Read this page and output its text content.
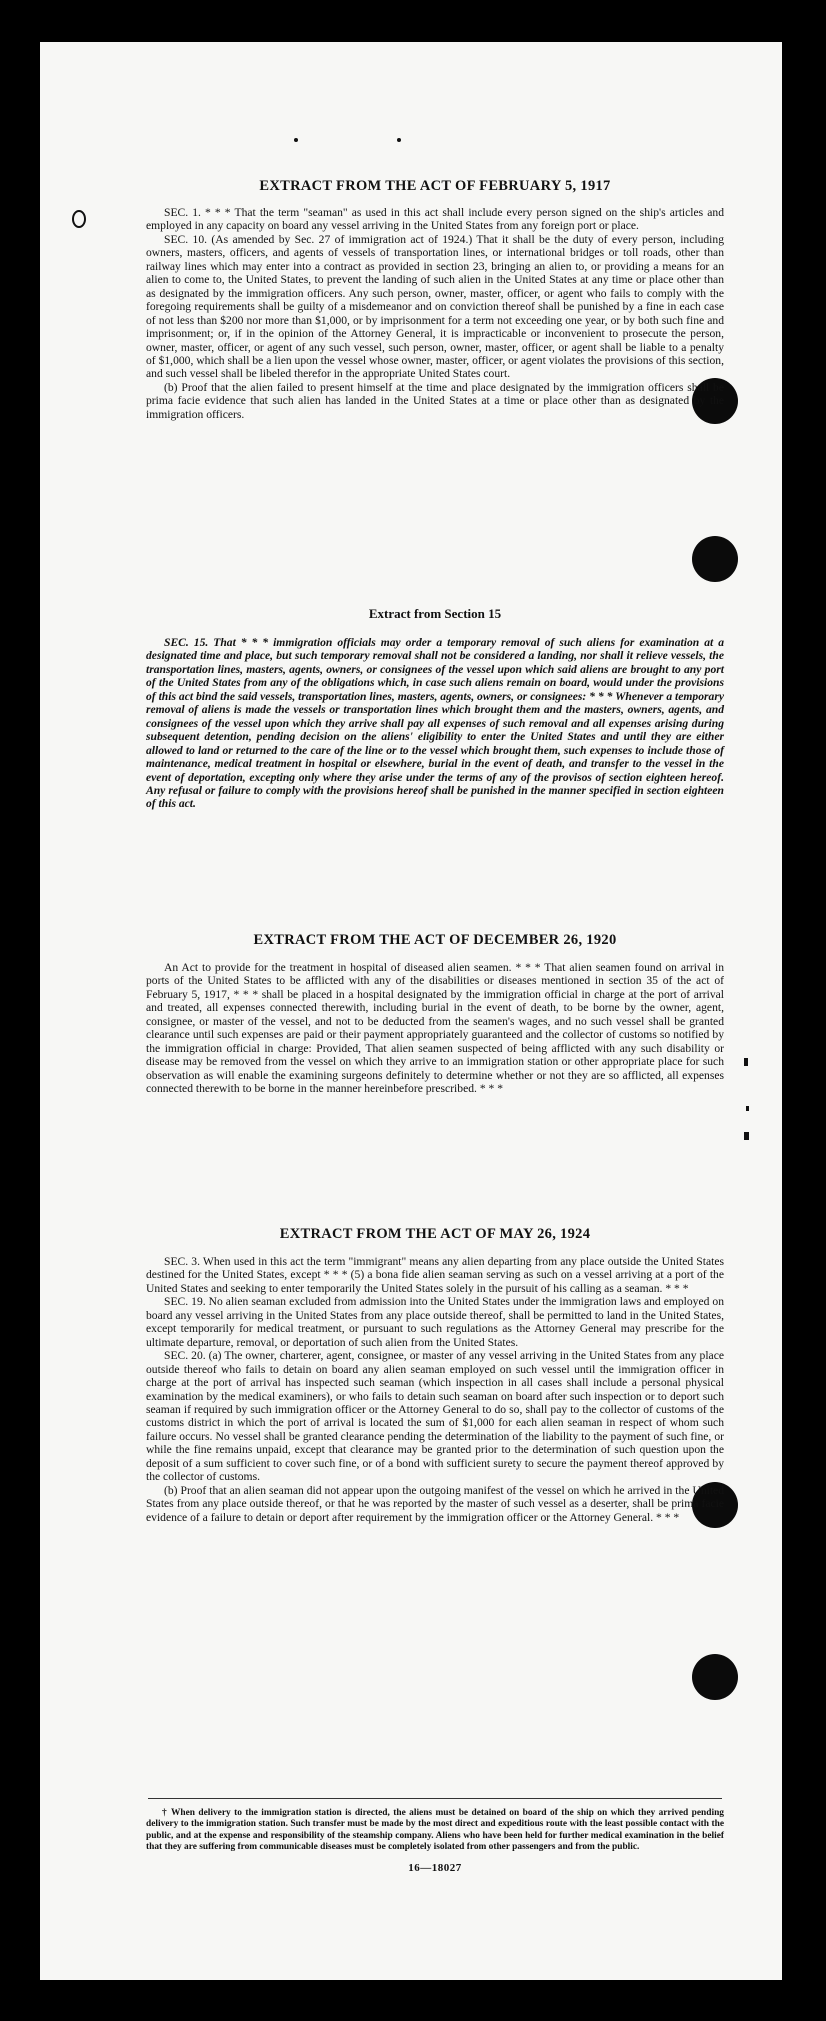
EXTRACT FROM THE ACT OF FEBRUARY 5, 1917

SEC. 1. * * * That the term "seaman" as used in this act shall include every person signed on the ship's articles and employed in any capacity on board any vessel arriving in the United States from any foreign port or place.

SEC. 10. (As amended by Sec. 27 of immigration act of 1924.) That it shall be the duty of every person, including owners, masters, officers, and agents of vessels of transportation lines, or international bridges or toll roads, other than railway lines which may enter into a contract as provided in section 23, bringing an alien to, or providing a means for an alien to come to, the United States, to prevent the landing of such alien in the United States at any time or place other than as designated by the immigration officers. Any such person, owner, master, officer, or agent who fails to comply with the foregoing requirements shall be guilty of a misdemeanor and on conviction thereof shall be punished by a fine in each case of not less than $200 nor more than $1,000, or by imprisonment for a term not exceeding one year, or by both such fine and imprisonment; or, if in the opinion of the Attorney General, it is impracticable or inconvenient to prosecute the person, owner, master, officer, or agent of any such vessel, such person, owner, master, officer, or agent shall be liable to a penalty of $1,000, which shall be a lien upon the vessel whose owner, master, officer, or agent violates the provisions of this section, and such vessel shall be libeled therefor in the appropriate United States court.

(b) Proof that the alien failed to present himself at the time and place designated by the immigration officers shall be prima facie evidence that such alien has landed in the United States at a time or place other than as designated by the immigration officers.

Extract from Section 15

SEC. 15. That * * * immigration officials may order a temporary removal of such aliens for examination at a designated time and place, but such temporary removal shall not be considered a landing, nor shall it relieve vessels, the transportation lines, masters, agents, owners, or consignees of the vessel upon which said aliens are brought to any port of the United States from any of the obligations which, in case such aliens remain on board, would under the provisions of this act bind the said vessels, transportation lines, masters, agents, owners, or consignees: * * * Whenever a temporary removal of aliens is made the vessels or transportation lines which brought them and the masters, owners, agents, and consignees of the vessel upon which they arrive shall pay all expenses of such removal and all expenses arising during subsequent detention, pending decision on the aliens' eligibility to enter the United States and until they are either allowed to land or returned to the care of the line or to the vessel which brought them, such expenses to include those of maintenance, medical treatment in hospital or elsewhere, burial in the event of death, and transfer to the vessel in the event of deportation, excepting only where they arise under the terms of any of the provisos of section eighteen hereof. Any refusal or failure to comply with the provisions hereof shall be punished in the manner specified in section eighteen of this act.

EXTRACT FROM THE ACT OF DECEMBER 26, 1920

An Act to provide for the treatment in hospital of diseased alien seamen. * * * That alien seamen found on arrival in ports of the United States to be afflicted with any of the disabilities or diseases mentioned in section 35 of the act of February 5, 1917, * * * shall be placed in a hospital designated by the immigration official in charge at the port of arrival and treated, all expenses connected therewith, including burial in the event of death, to be borne by the owner, agent, consignee, or master of the vessel, and not to be deducted from the seamen's wages, and no such vessel shall be granted clearance until such expenses are paid or their payment appropriately guaranteed and the collector of customs so notified by the immigration official in charge: Provided, That alien seamen suspected of being afflicted with any such disability or disease may be removed from the vessel on which they arrive to an immigration station or other appropriate place for such observation as will enable the examining surgeons definitely to determine whether or not they are so afflicted, all expenses connected therewith to be borne in the manner hereinbefore prescribed. * * *

EXTRACT FROM THE ACT OF MAY 26, 1924

SEC. 3. When used in this act the term "immigrant" means any alien departing from any place outside the United States destined for the United States, except * * * (5) a bona fide alien seaman serving as such on a vessel arriving at a port of the United States and seeking to enter temporarily the United States solely in the pursuit of his calling as a seaman. * * *

SEC. 19. No alien seaman excluded from admission into the United States under the immigration laws and employed on board any vessel arriving in the United States from any place outside thereof, shall be permitted to land in the United States, except temporarily for medical treatment, or pursuant to such regulations as the Attorney General may prescribe for the ultimate departure, removal, or deportation of such alien from the United States.

SEC. 20. (a) The owner, charterer, agent, consignee, or master of any vessel arriving in the United States from any place outside thereof who fails to detain on board any alien seaman employed on such vessel until the immigration officer in charge at the port of arrival has inspected such seaman (which inspection in all cases shall include a personal physical examination by the medical examiners), or who fails to detain such seaman on board after such inspection or to deport such seaman if required by such immigration officer or the Attorney General to do so, shall pay to the collector of customs of the customs district in which the port of arrival is located the sum of $1,000 for each alien seaman in respect of whom such failure occurs. No vessel shall be granted clearance pending the determination of the liability to the payment of such fine, or while the fine remains unpaid, except that clearance may be granted prior to the determination of such question upon the deposit of a sum sufficient to cover such fine, or of a bond with sufficient surety to secure the payment thereof approved by the collector of customs.

(b) Proof that an alien seaman did not appear upon the outgoing manifest of the vessel on which he arrived in the United States from any place outside thereof, or that he was reported by the master of such vessel as a deserter, shall be prima facie evidence of a failure to detain or deport after requirement by the immigration officer or the Attorney General. * * *

† When delivery to the immigration station is directed, the aliens must be detained on board of the ship on which they arrived pending delivery to the immigration station. Such transfer must be made by the most direct and expeditious route with the least possible contact with the public, and at the expense and responsibility of the steamship company. Aliens who have been held for further medical examination in the belief that they are suffering from communicable diseases must be completely isolated from other passengers and from the public.

16—18027
